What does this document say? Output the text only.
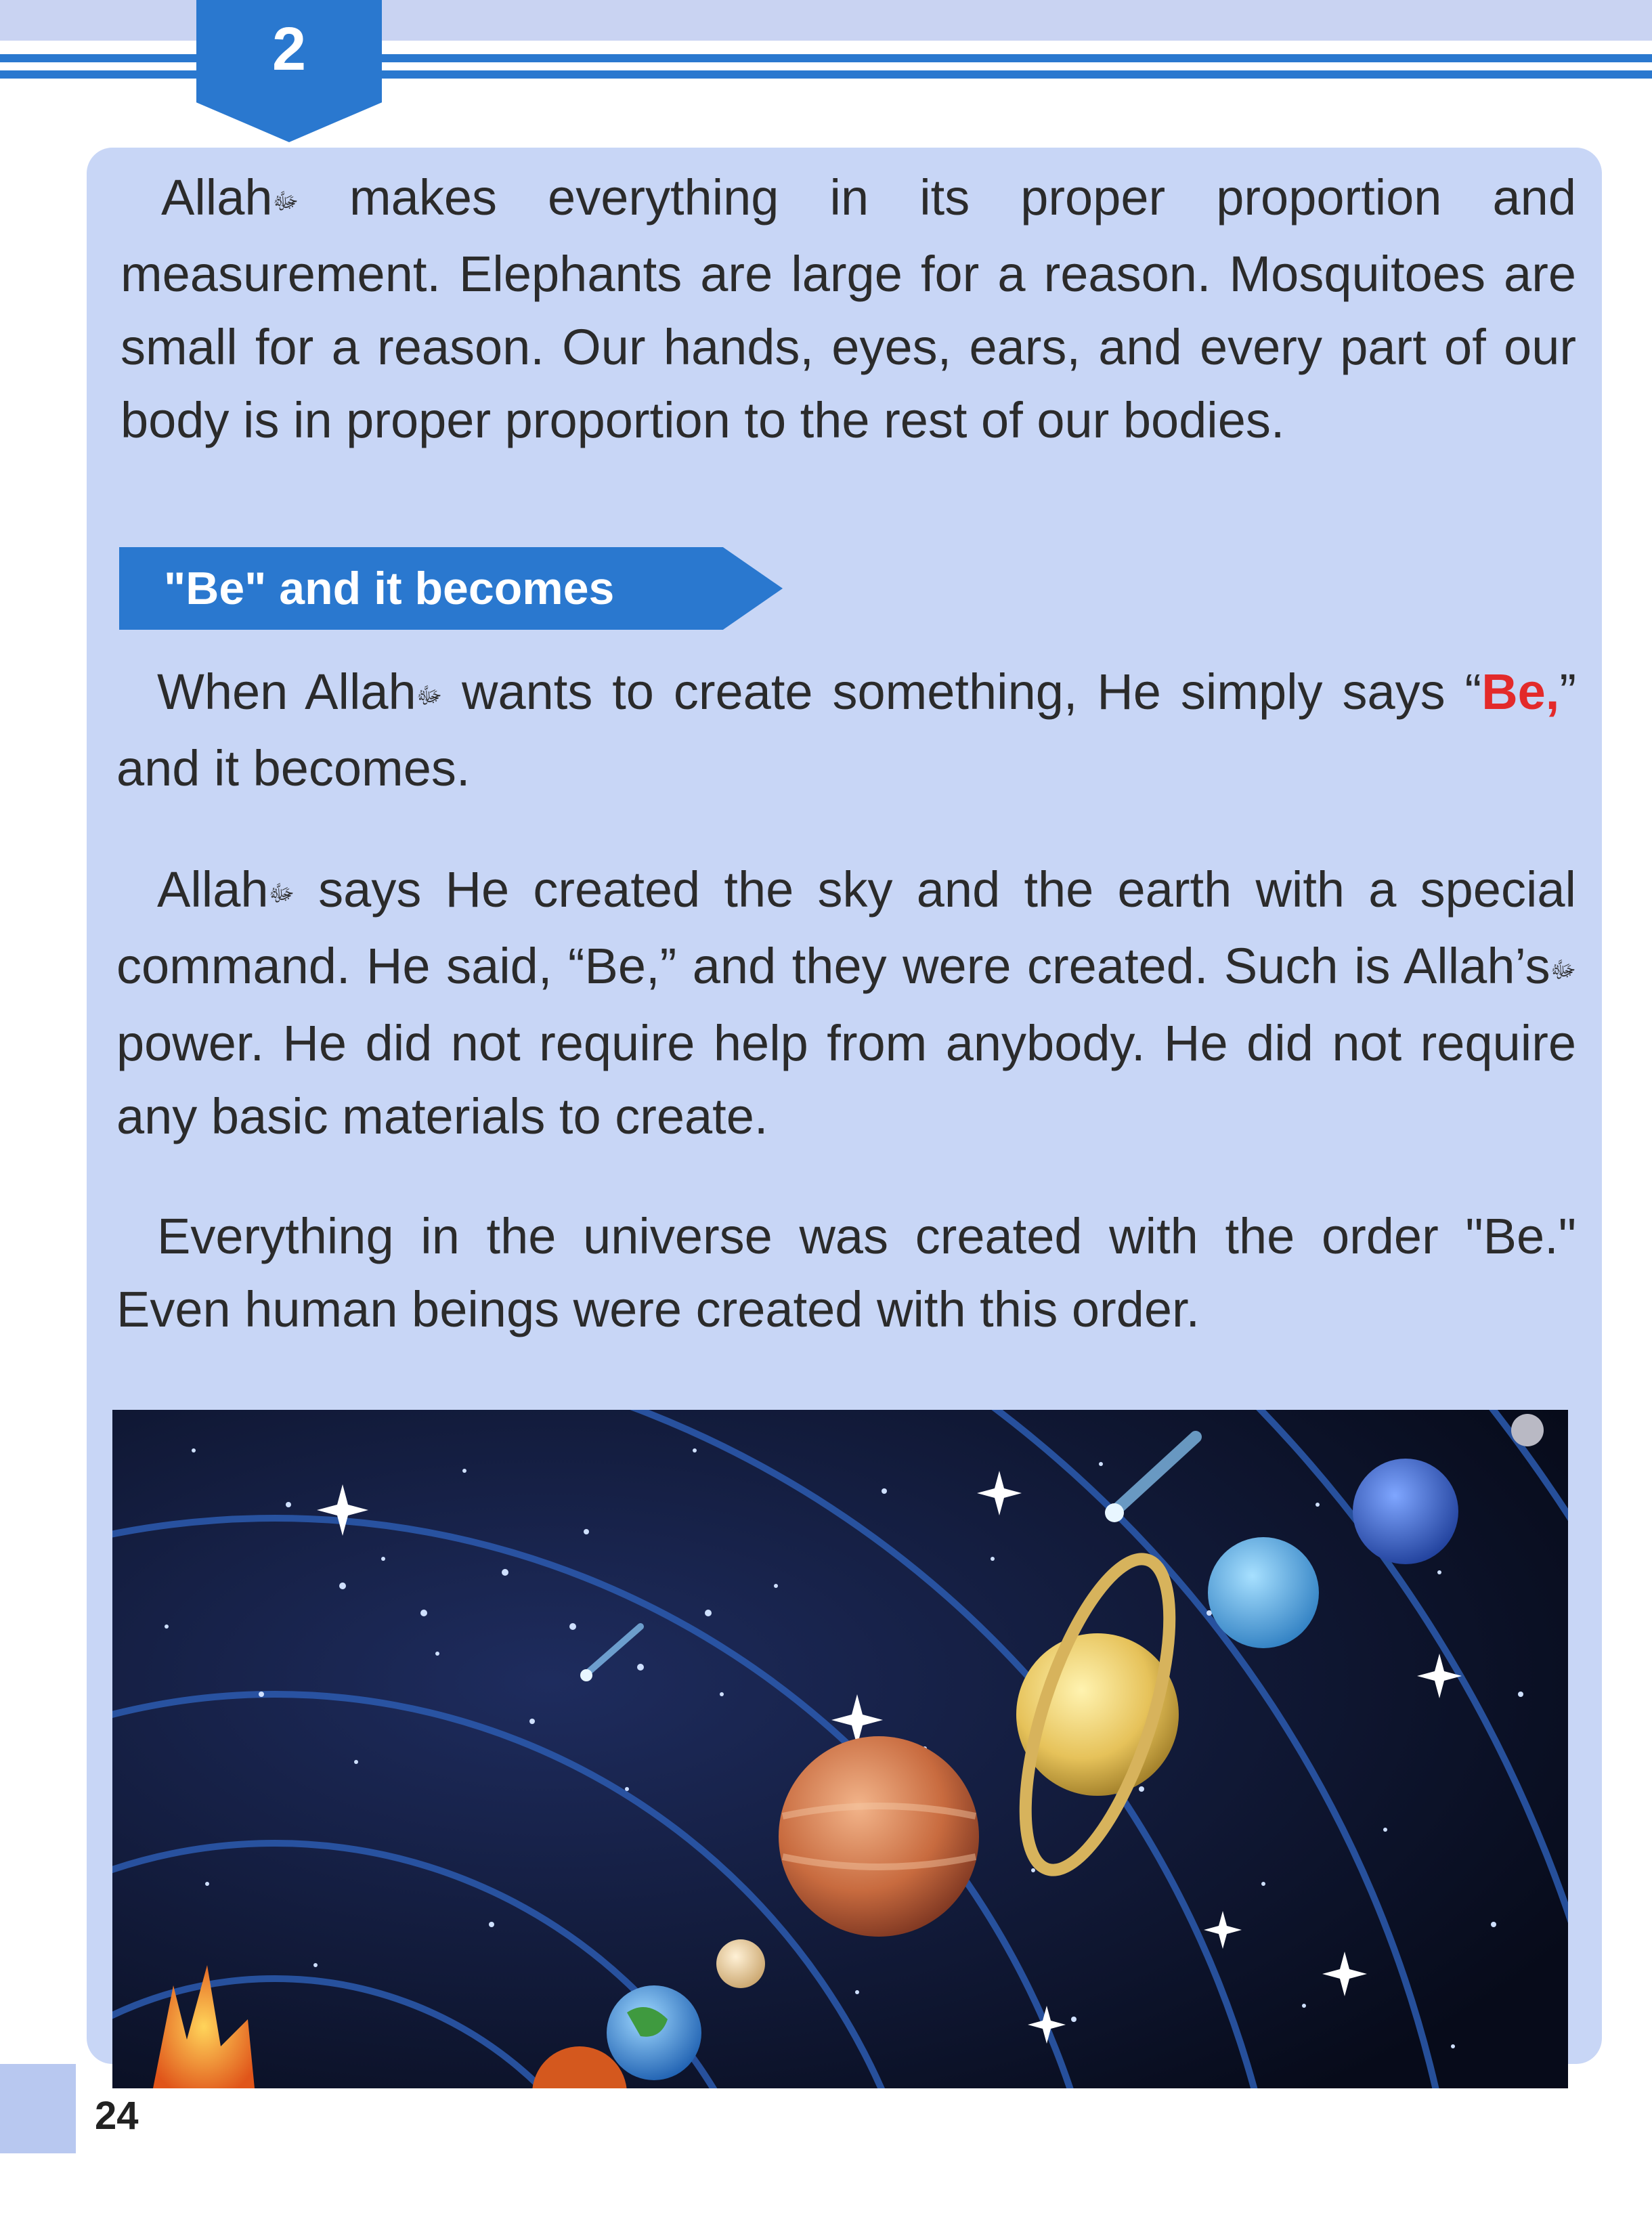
2

Allahﷻ makes everything in its proper proportion and measurement. Elephants are large for a reason. Mosquitoes are small for a reason. Our hands, eyes, ears, and every part of our body is in proper proportion to the rest of our bodies.

"Be" and it becomes

When Allahﷻ wants to create something, He simply says “Be,” and it becomes.

Allahﷻ says He created the sky and the earth with a special command. He said, “Be,” and they were created. Such is Allah’sﷻ power. He did not require help from anybody. He did not require any basic materials to create.

Everything in the universe was created with the order "Be." Even human beings were created with this order.

24
